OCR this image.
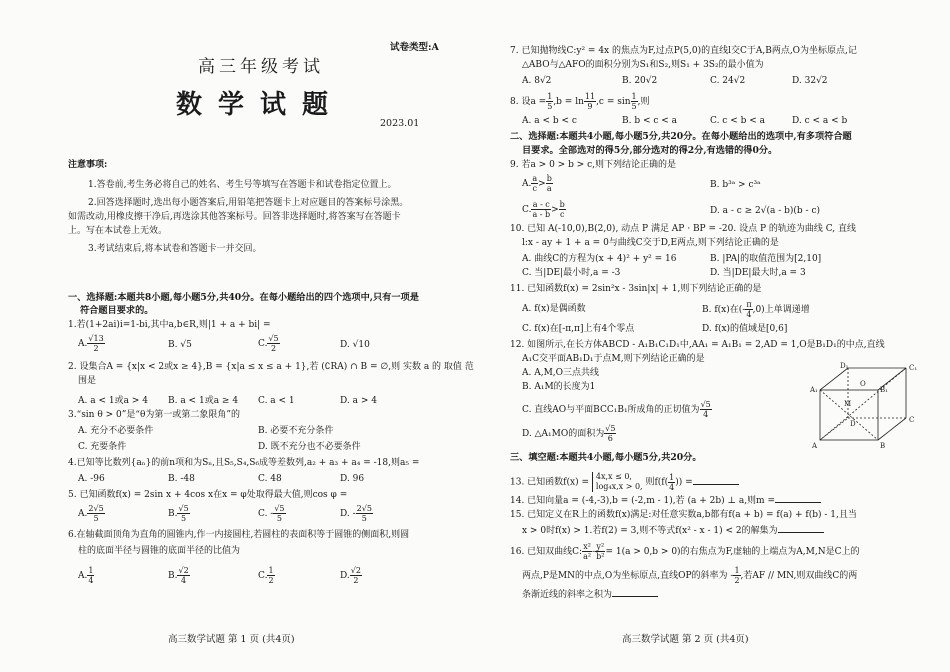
试卷类型:A
高三年级考试
数学试题
2023.01
注意事项:
1.答卷前,考生务必将自己的姓名、考生号等填写在答题卡和试卷指定位置上。
2.回答选择题时,选出每小题答案后,用铅笔把答题卡上对应题目的答案标号涂黑。
如需改动,用橡皮擦干净后,再选涂其他答案标号。回答非选择题时,将答案写在答题卡
上。写在本试卷上无效。
3.考试结束后,将本试卷和答题卡一并交回。
一、选择题:本题共8小题,每小题5分,共40分。在每小题给出的四个选项中,只有一项是
符合题目要求的。
1.若(1+2ai)i=1-bi,其中a,b∈R,则|1 + a + bi| =
A. $\frac{√13}{2}$	B. √5	C. $\frac{√5}{2}$	D. √10
2. 设集合A = {x|x < 2或x ≥ 4},B = {x|a ≤ x ≤ a + 1},若 (∁RA) ∩ B = ∅,则 实数 a 的 取值 范
围是
A. a < 1或a > 4 B. a < 1或a ≥ 4 C. a < 1	D. a > 4
3.“sin θ > 0”是“θ为第一或第二象限角”的
A. 充分不必要条件	B. 必要不充分条件
C. 充要条件	D. 既不充分也不必要条件
4.已知等比数列{aₙ}的前n项和为Sₙ,且S₅,S₄,S₆成等差数列,a₂ + a₃ + a₄ = -18,则a₅ =
A. -96	B. -48	C. 48	D. 96
5. 已知函数f(x) = 2sin x + 4cos x在x = φ处取得最大值,则cos φ =
A. $\frac{2√5}{5}$	B. $\frac{√5}{5}$	C. - $\frac{√5}{5}$	D. - $\frac{2√5}{5}$
6.在轴截面顶角为直角的圆锥内,作一内接圆柱,若圆柱的表面积等于圆锥的侧面积,则圆
柱的底面半径与圆锥的底面半径的比值为
A. $\frac{1}{4}$	B. $\frac{√2}{4}$	C. $\frac{1}{2}$	D. $\frac{√2}{2}$
高三数学试题 第 1 页 (共4页)
7. 已知抛物线C:y² = 4x 的焦点为F,过点P(5,0)的直线l交C于A,B两点,O为坐标原点,记
△ABO与△AFO的面积分别为S₁和S₂,则S₁ + 3S₂的最小值为
A. 8√2	B. 20√2	C. 24√2	D. 32√2
8. 设$a = \frac{1}{5} ,b = \ln \frac{11}{9} ,c = \sin \frac{1}{5}$ ,则
A. a < b < c	B. b < c < a	C. c < b < a	D. c < a < b
二、选择题:本题共4小题,每小题5分,共20分。在每小题给出的选项中,有多项符合题
目要求。全部选对的得5分,部分选对的得2分,有选错的得0分。
9. 若a > 0 > b > c,则下列结论正确的是
A. $\frac{a}{c} > \frac{b}{a}$	B. b³ᵃ > c³ᵃ
C. $\frac{a - c}{a - b} > \frac{b}{c}$	D. a - c ≥ 2√(a - b)(b - c)
10. 已知 A(-10,0),B(2,0), 动点 P 满足 AP · BP = -20. 设点 P 的轨迹为曲线 C, 直线
l:x - ay + 1 + a = 0与曲线C交于D,E两点,则下列结论正确的是
A. 曲线C的方程为(x + 4)² + y² = 16	B. |PA|的取值范围为[2,10]
C. 当|DE|最小时,a = -3	D. 当|DE|最大时,a = 3
11. 已知函数f(x) = 2sin²x - 3sin|x| + 1,则下列结论正确的是
A. f(x)是偶函数	B. f(x)在(- $\frac{\pi}{4} ,0$)上单调递增
C. f(x)在[-π,π]上有4个零点	D. f(x)的值域是[0,6]
12. 如图所示,在长方体ABCD - A₁B₁C₁D₁中,AA₁ = A₁B₁ = 2,AD = 1,O是B₁D₁的中点,直线
A₁C交平面AB₁D₁于点M,则下列结论正确的是
A. A,M,O三点共线
B. A₁M的长度为1
C. 直线AO与平面BCC₁B₁所成角的正切值为 $\frac{√5}{4}$
D. △A₁MO的面积为 $\frac{√5}{6}$
D₁	C₁
A₁	B₁
O
M
D	C
A	B
三、填空题:本题共4小题,每小题5分,共20分。
13. 已知函数f(x) =
4x,x ≤ 0,
log₄x,x > 0, 则$f(f( \frac{1}{4}$ )) =
14. 已知向量a = (-4,-3),b = (-2,m - 1),若 (a + 2b) ⊥ a,则m =
15. 已知定义在R上的函数f(x)满足:对任意实数a,b都有f(a + b) = f(a) + f(b) - 1,且当
x > 0时f(x) > 1.若f(2) = 3,则不等式f(x² - x - 1) < 2的解集为
16. 已知双曲线C: $\frac{\text{x²}}{\text{a²}} - \frac{\text{y²}}{\text{b²}} = 1(a > 0,b > 0)$的右焦点为F,虚轴的上端点为A,M,N是C上的
两点,P是MN的中点,O为坐标原点,直线OP的斜率为 - $\frac{1}{2}$ ,若AF // MN,则双曲线C的两
条渐近线的斜率之积为
高三数学试题 第 2 页 (共4页)
